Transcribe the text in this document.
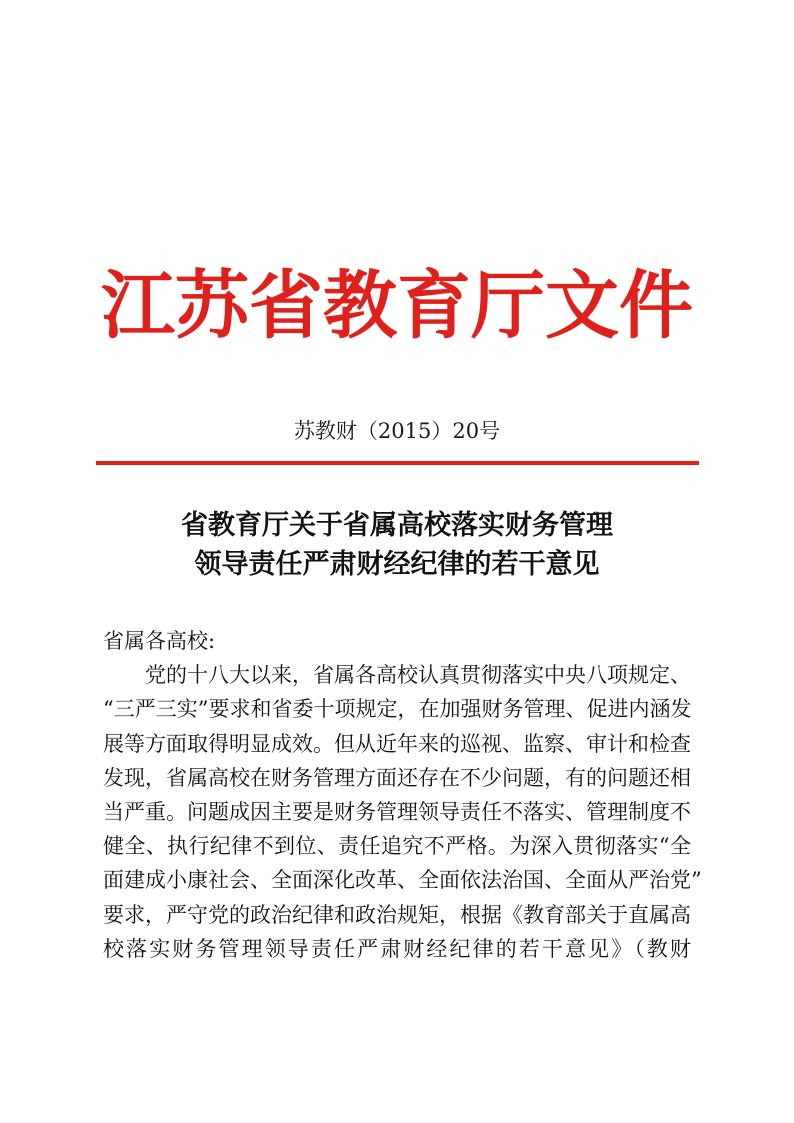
江苏省教育厅文件
苏教财（2015）20号
省教育厅关于省属高校落实财务管理
领导责任严肃财经纪律的若干意见

省属各高校:

党的十八大以来，省属各高校认真贯彻落实中央八项规定、

“三严三实”要求和省委十项规定，在加强财务管理、促进内涵发

展等方面取得明显成效。但从近年来的巡视、监察、审计和检查

发现，省属高校在财务管理方面还存在不少问题，有的问题还相

当严重。问题成因主要是财务管理领导责任不落实、管理制度不

健全、执行纪律不到位、责任追究不严格。为深入贯彻落实“全

面建成小康社会、全面深化改革、全面依法治国、全面从严治党”

要求，严守党的政治纪律和政治规矩，根据《教育部关于直属高

校落实财务管理领导责任严肃财经纪律的若干意见》（教财
